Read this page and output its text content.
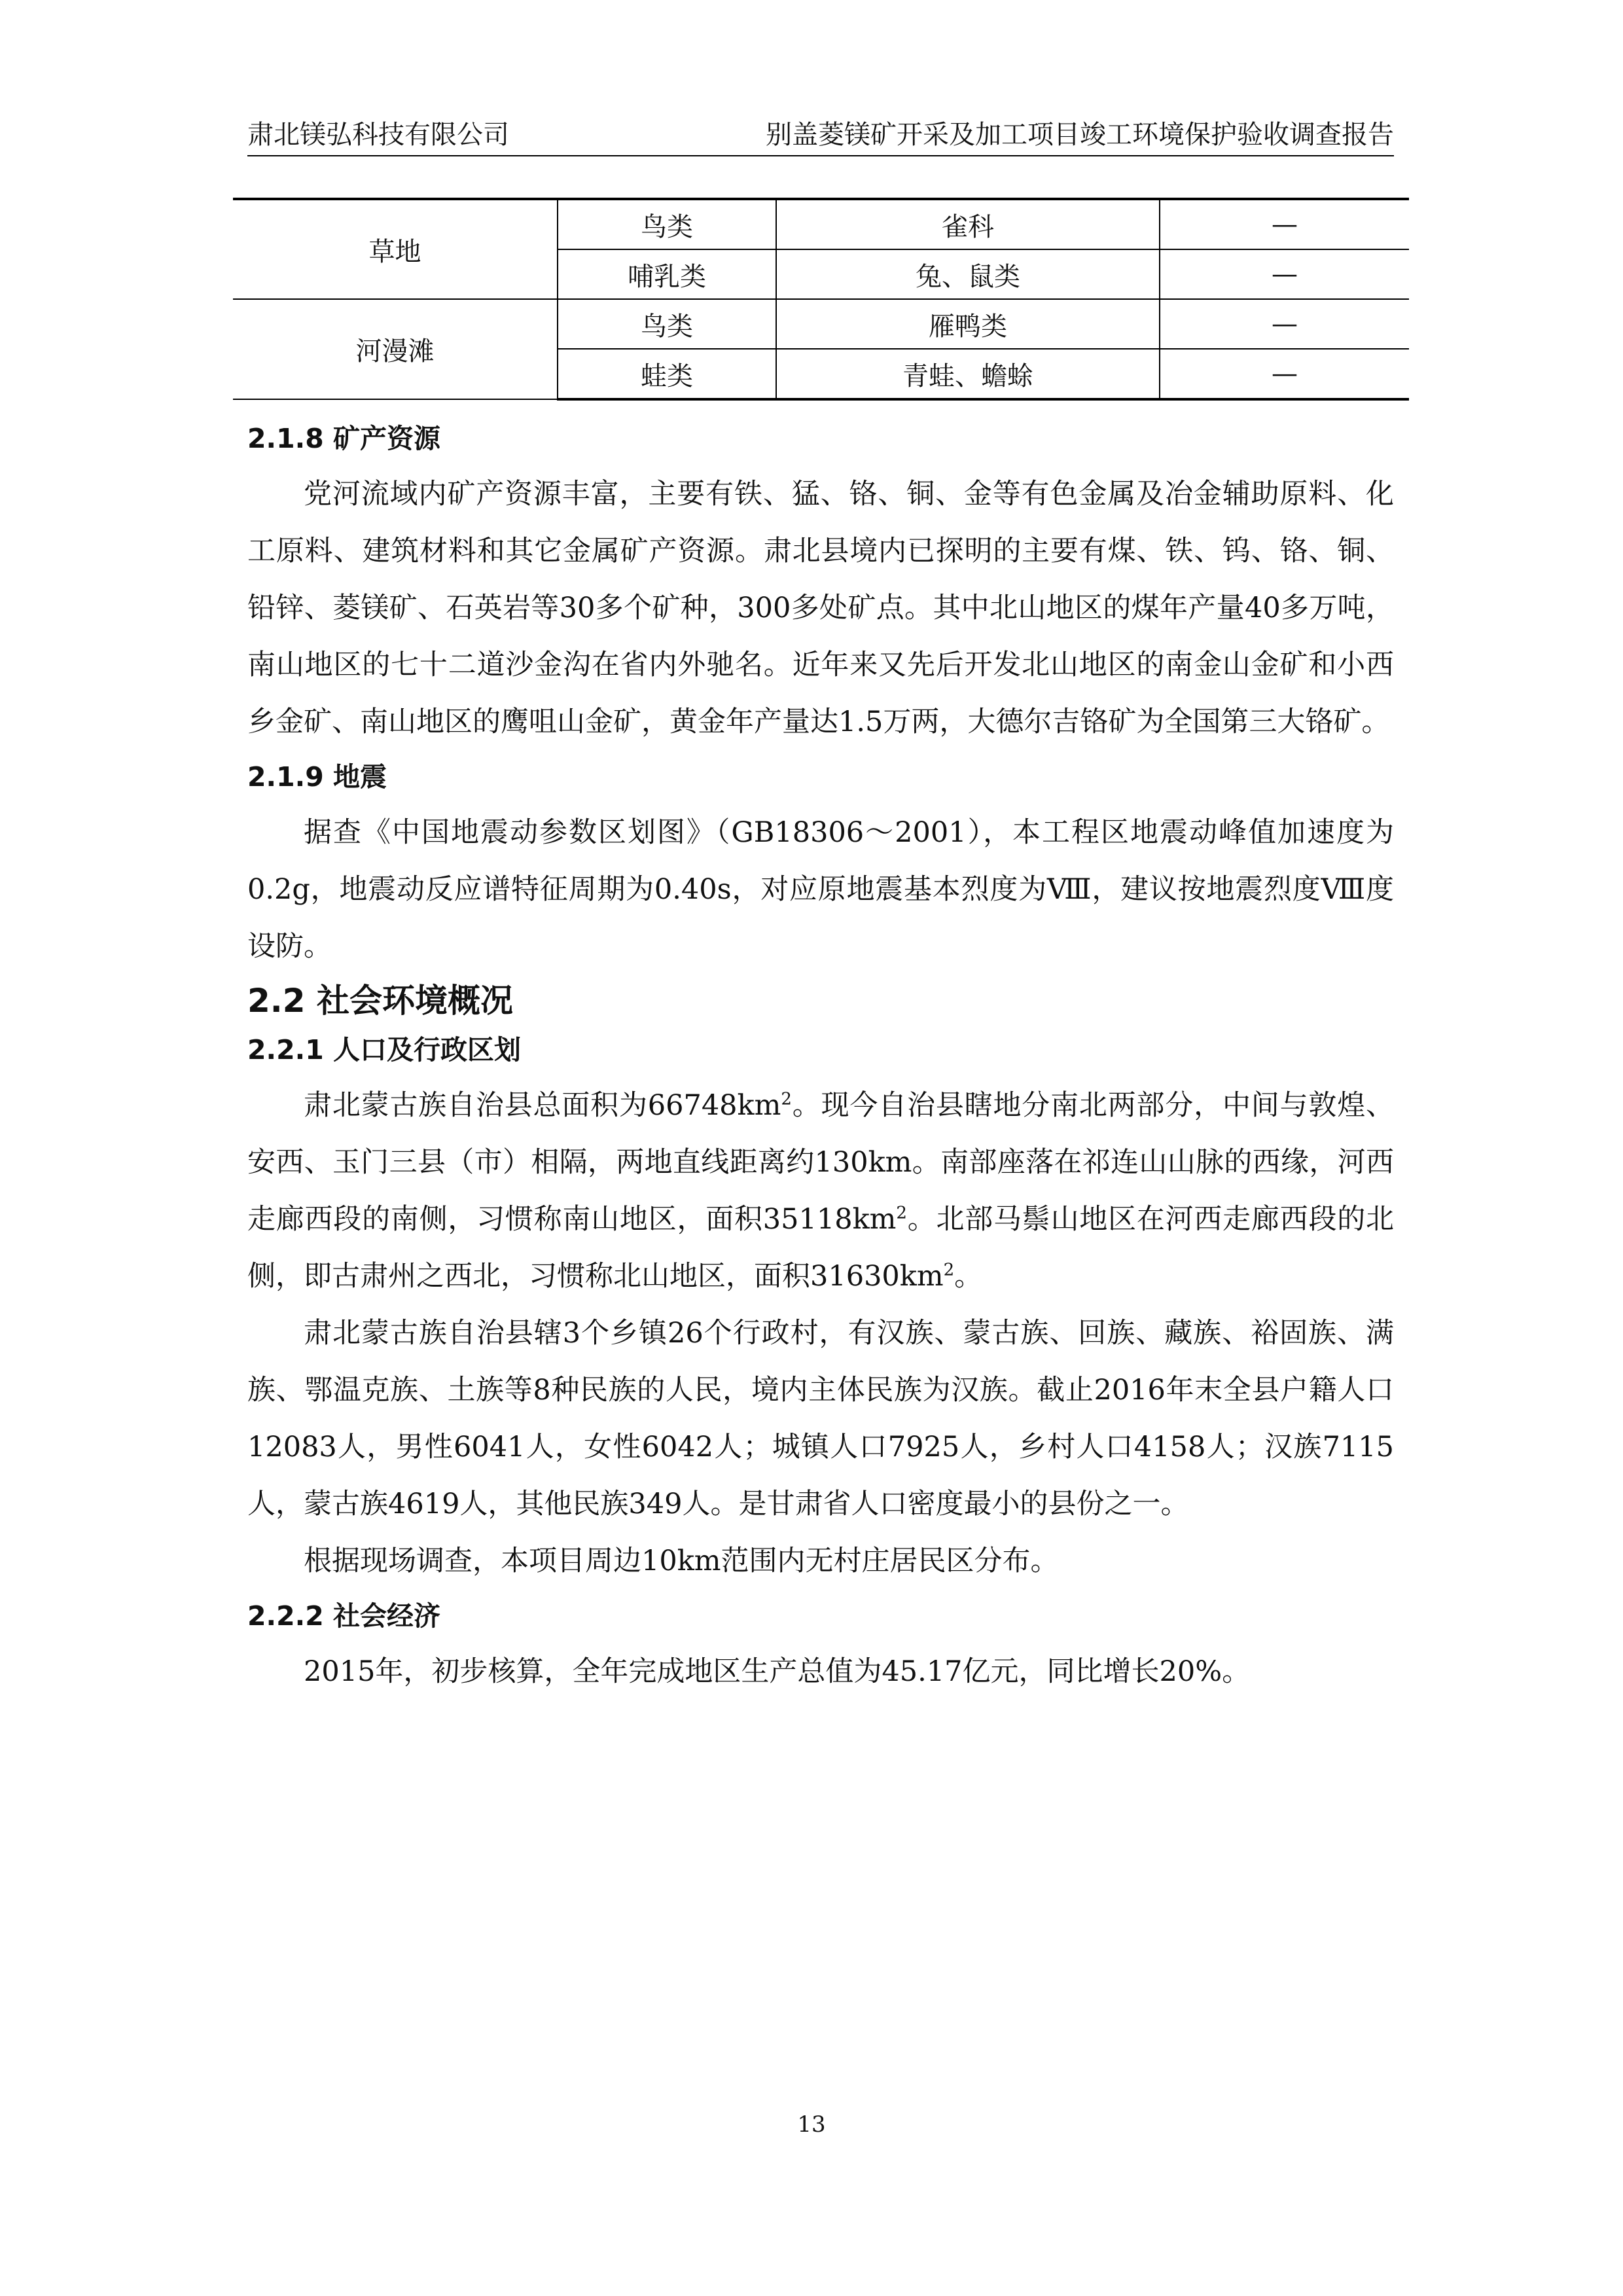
肃北镁弘科技有限公司	别盖菱镁矿开采及加工项目竣工环境保护验收调查报告
草地	鸟类	雀科	—
	哺乳类	兔、鼠类	—
河漫滩	鸟类	雁鸭类	—
	蛙类	青蛙、蟾蜍	—
2.1.8 矿产资源

党河流域内矿产资源丰富，主要有铁、猛、铬、铜、金等有色金属及冶金辅助原料、化工原料、建筑材料和其它金属矿产资源。肃北县境内已探明的主要有煤、铁、钨、铬、铜、铅锌、菱镁矿、石英岩等30多个矿种，300多处矿点。其中北山地区的煤年产量40多万吨，南山地区的七十二道沙金沟在省内外驰名。近年来又先后开发北山地区的南金山金矿和小西乡金矿、南山地区的鹰咀山金矿，黄金年产量达1.5万两，大德尔吉铬矿为全国第三大铬矿。

2.1.9 地震

据查《中国地震动参数区划图》（GB18306～2001），本工程区地震动峰值加速度为0.2g，地震动反应谱特征周期为0.40s，对应原地震基本烈度为Ⅷ，建议按地震烈度Ⅷ度设防。

2.2 社会环境概况
2.2.1 人口及行政区划

肃北蒙古族自治县总面积为$66748km^2$。现今自治县瞎地分南北两部分，中间与敦煌、安西、玉门三县（市）相隔，两地直线距离约130km。南部座落在祁连山山脉的西缘，河西走廊西段的南侧，习惯称南山地区，面积$35118km^2$。北部马鬃山地区在河西走廊西段的北侧，即古肃州之西北，习惯称北山地区，面积$31630km^2$。

肃北蒙古族自治县辖3个乡镇26个行政村，有汉族、蒙古族、回族、藏族、裕固族、满族、鄂温克族、土族等8种民族的人民，境内主体民族为汉族。截止2016年末全县户籍人口12083人，男性6041人，女性6042人；城镇人口7925人，乡村人口4158人；汉族7115人，蒙古族4619人，其他民族349人。是甘肃省人口密度最小的县份之一。

根据现场调查，本项目周边10km范围内无村庄居民区分布。

2.2.2 社会经济

2015年，初步核算，全年完成地区生产总值为45.17亿元，同比增长20%。

13
